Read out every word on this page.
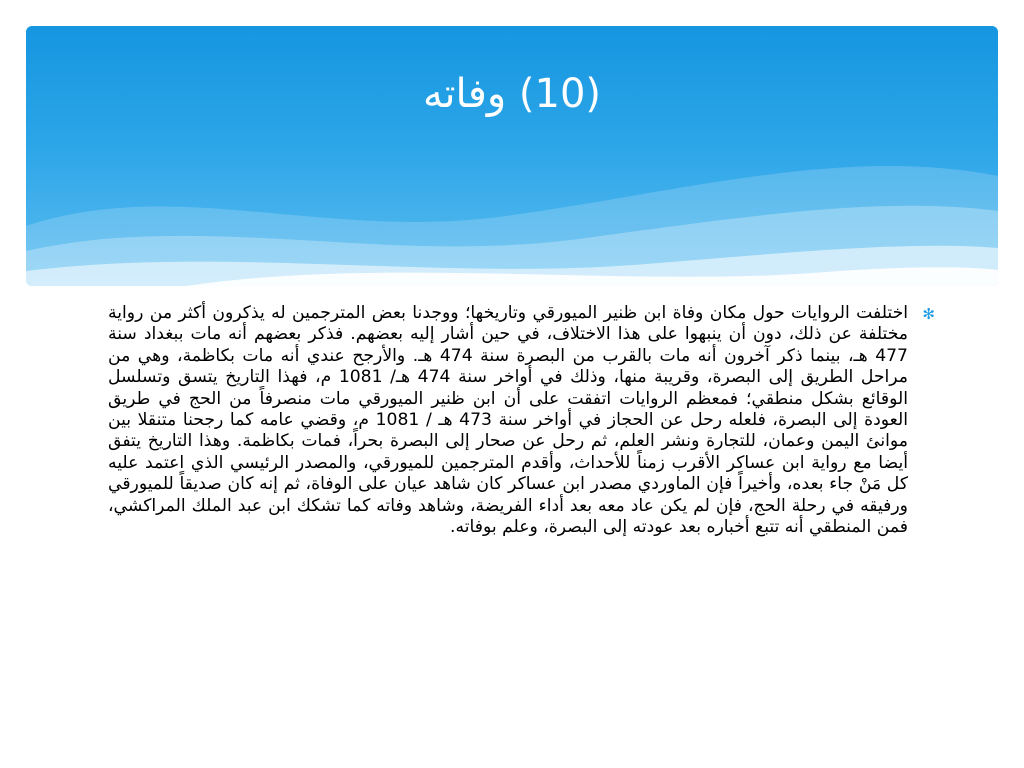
(10) وفاته
✻

اختلفت الروايات حول مكان وفاة ابن ظنير الميورقي وتاريخها؛ ووجدنا بعض المترجمين له يذكرون أكثر من رواية مختلفة عن ذلك، دون أن ينبهوا على هذا الاختلاف، في حين أشار إليه بعضهم. فذكر بعضهم أنه مات ببغداد سنة 477 هـ، بينما ذكر آخرون أنه مات بالقرب من البصرة سنة 474 هـ. والأرجح عندي أنه مات بكاظمة، وهي من مراحل الطريق إلى البصرة، وقريبة منها، وذلك في أواخر سنة 474 هـ/ 1081 م، فهذا التاريخ يتسق وتسلسل الوقائع بشكل منطقي؛ فمعظم الروايات اتفقت على أن ابن ظنير الميورقي مات منصرفاً من الحج في طريق العودة إلى البصرة، فلعله رحل عن الحجاز في أواخر سنة 473 هـ / 1081 م، وقضي عامه كما رجحنا متنقلا بين موانئ اليمن وعمان، للتجارة ونشر العلم، ثم رحل عن صحار إلى البصرة بحراً، فمات بكاظمة. وهذا التاريخ يتفق أيضا مع رواية ابن عساكر الأقرب زمناً للأحداث، وأقدم المترجمين للميورقي، والمصدر الرئيسي الذي اعتمد عليه كل مَنْ جاء بعده، وأخيراً فإن الماوردي مصدر ابن عساكر كان شاهد عيان على الوفاة، ثم إنه كان صديقاً للميورقي ورفيقه في رحلة الحج، فإن لم يكن عاد معه بعد أداء الفريضة، وشاهد وفاته كما تشكك ابن عبد الملك المراكشي، فمن المنطقي أنه تتبع أخباره بعد عودته إلى البصرة، وعلم بوفاته.
